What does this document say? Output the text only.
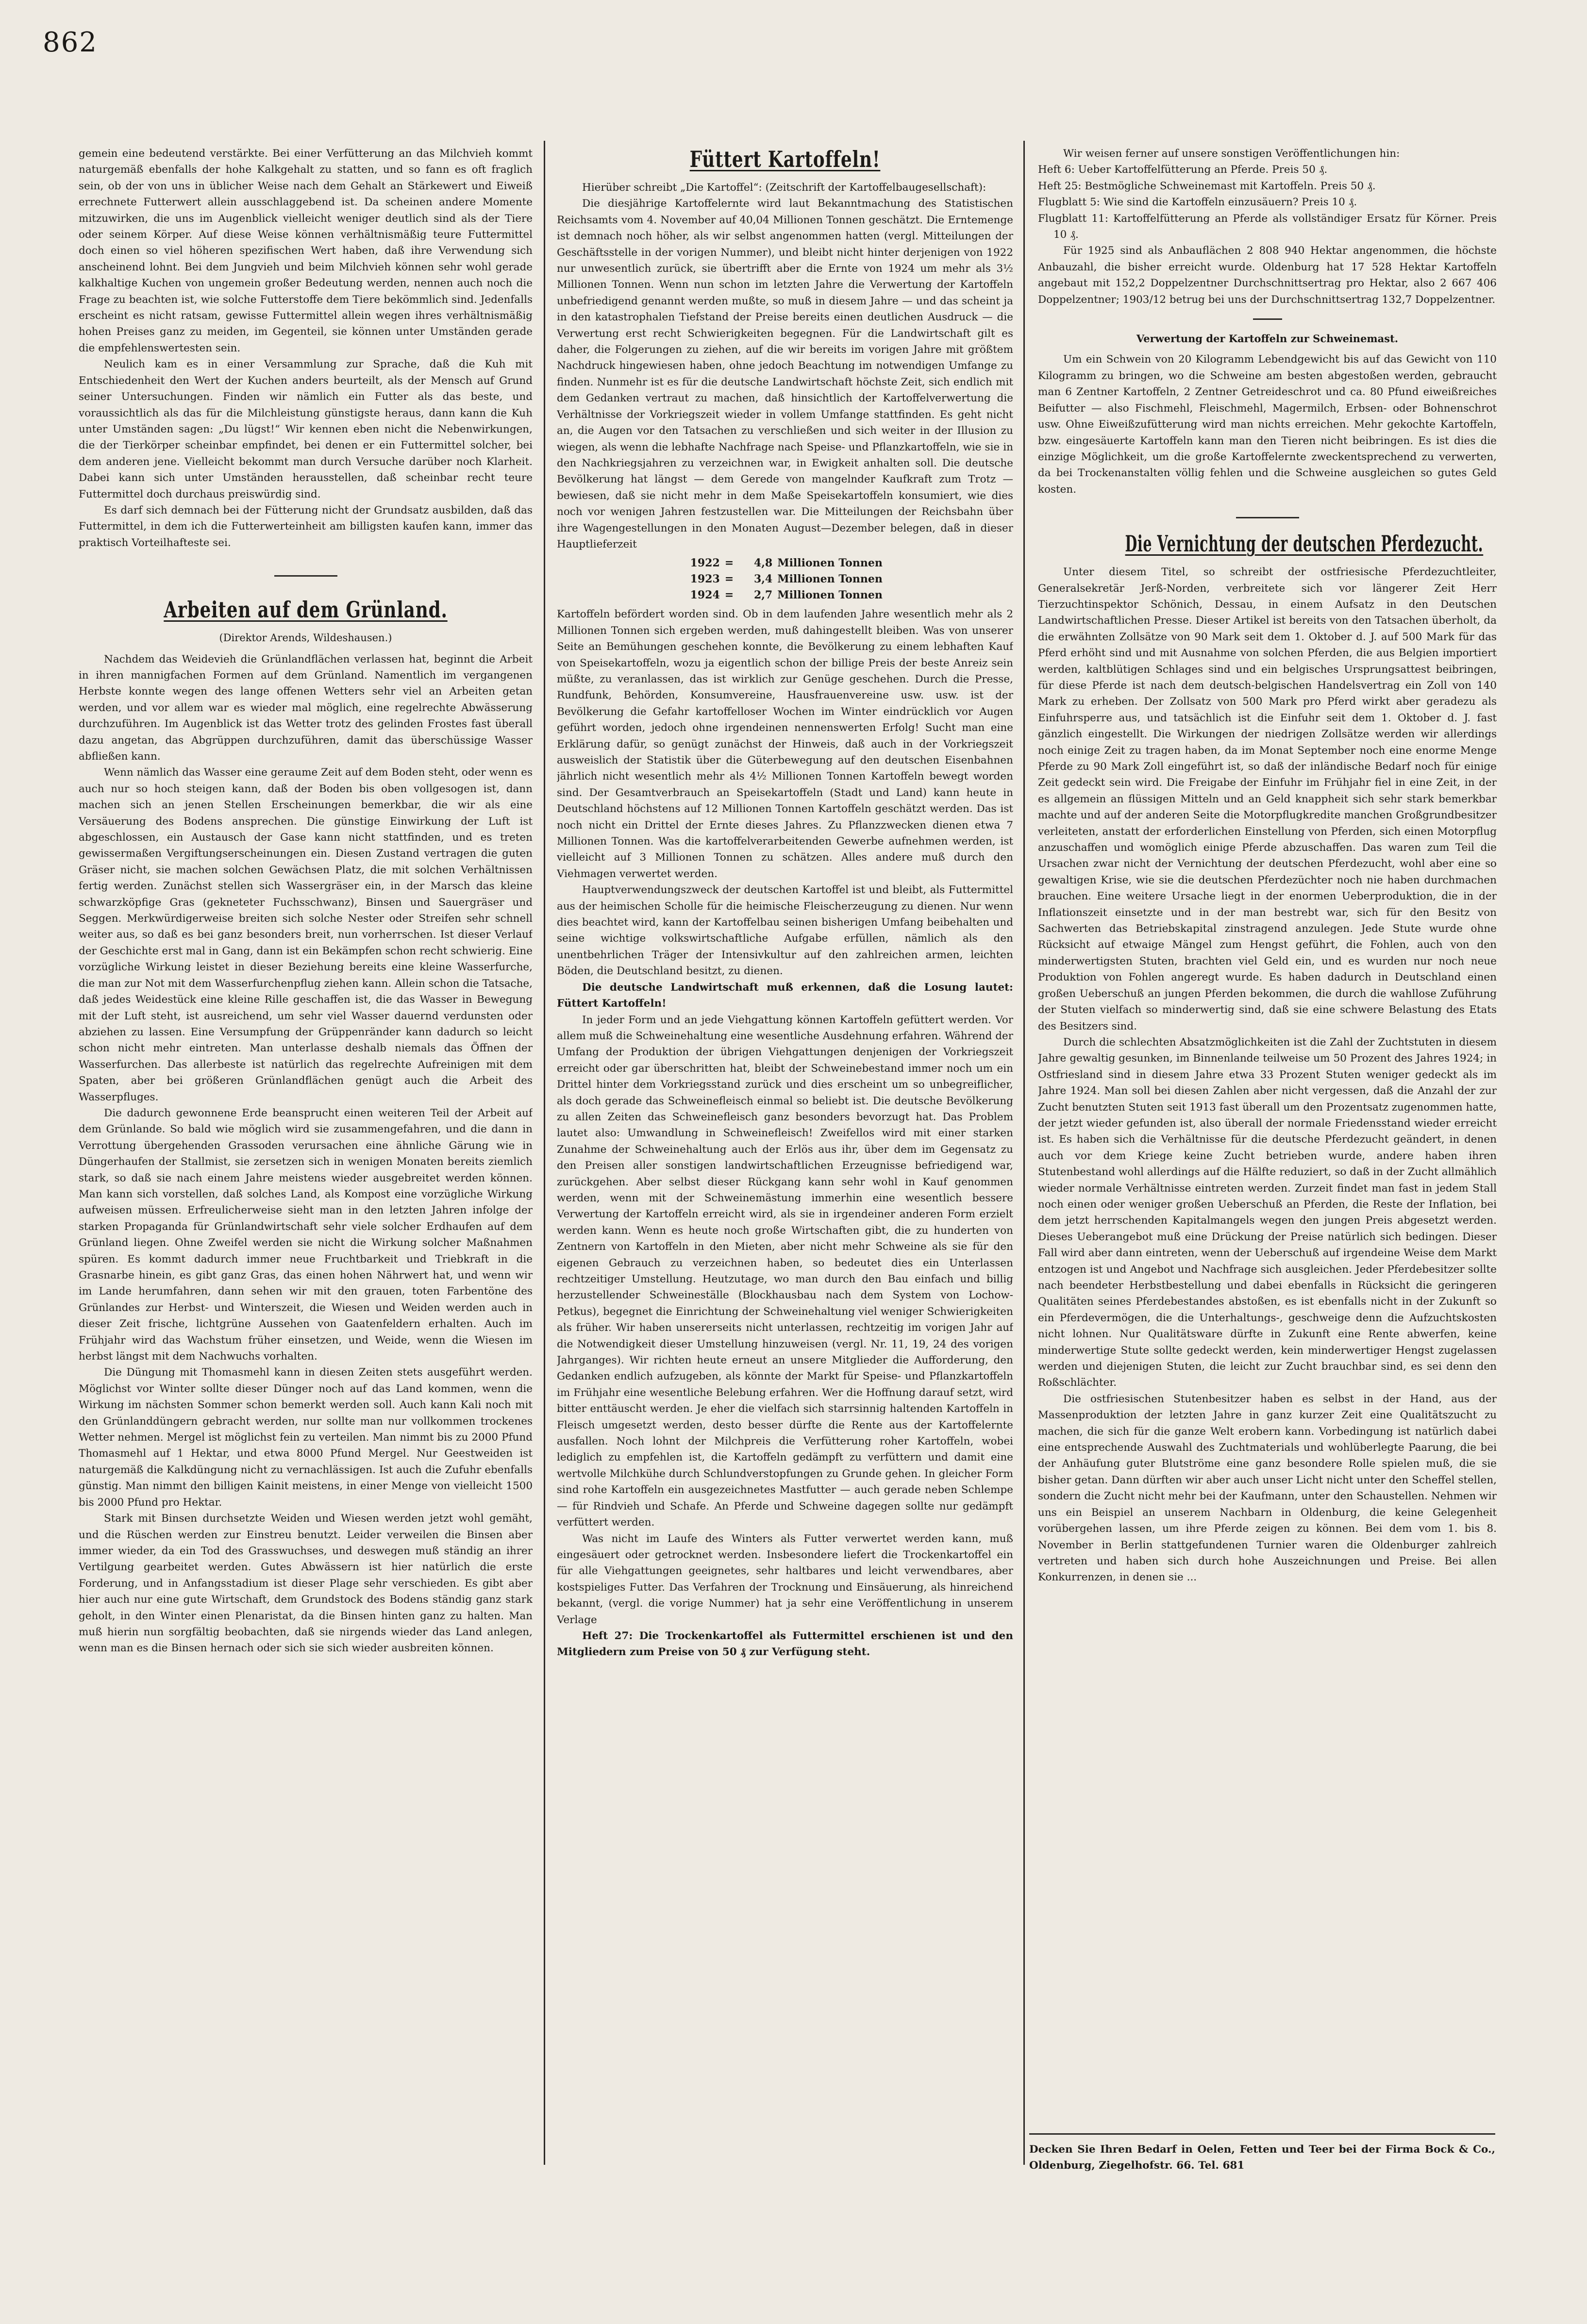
862

gemein eine bedeutend verstärkte. Bei einer Verfütterung an das Milchvieh kommt naturgemäß ebenfalls der hohe Kalkgehalt zu statten, und so fann es oft fraglich sein, ob der von uns in üblicher Weise nach dem Gehalt an Stärkewert und Eiweiß errechnete Futterwert allein ausschlaggebend ist. Da scheinen andere Momente mitzuwirken, die uns im Augenblick vielleicht weniger deutlich sind als der Tiere oder seinem Körper. Auf diese Weise können verhältnismäßig teure Futtermittel doch einen so viel höheren spezifischen Wert haben, daß ihre Verwendung sich anscheinend lohnt. Bei dem Jungvieh und beim Milchvieh können sehr wohl gerade kalkhaltige Kuchen von ungemein großer Bedeutung werden, nennen auch noch die Frage zu beachten ist, wie solche Futterstoffe dem Tiere bekömmlich sind. Jedenfalls erscheint es nicht ratsam, gewisse Futtermittel allein wegen ihres verhältnismäßig hohen Preises ganz zu meiden, im Gegenteil, sie können unter Umständen gerade die empfehlenswertesten sein.

Neulich kam es in einer Versammlung zur Sprache, daß die Kuh mit Entschiedenheit den Wert der Kuchen anders beurteilt, als der Mensch auf Grund seiner Untersuchungen. Finden wir nämlich ein Futter als das beste, und voraussichtlich als das für die Milchleistung günstigste heraus, dann kann die Kuh unter Umständen sagen: „Du lügst!“ Wir kennen eben nicht die Nebenwirkungen, die der Tierkörper scheinbar empfindet, bei denen er ein Futtermittel solcher, bei dem anderen jene. Vielleicht bekommt man durch Versuche darüber noch Klarheit. Dabei kann sich unter Umständen herausstellen, daß scheinbar recht teure Futtermittel doch durchaus preiswürdig sind.

Es darf sich demnach bei der Fütterung nicht der Grundsatz ausbilden, daß das Futtermittel, in dem ich die Futterwerteinheit am billigsten kaufen kann, immer das praktisch Vorteilhafteste sei.

Arbeiten auf dem Grünland.
(Direktor Arends, Wildeshausen.)

Nachdem das Weidevieh die Grünlandflächen verlassen hat, beginnt die Arbeit in ihren mannigfachen Formen auf dem Grünland. Namentlich im vergangenen Herbste konnte wegen des lange offenen Wetters sehr viel an Arbeiten getan werden, und vor allem war es wieder mal möglich, eine regelrechte Abwässerung durchzuführen. Im Augenblick ist das Wetter trotz des gelinden Frostes fast überall dazu angetan, das Abgrüppen durchzuführen, damit das überschüssige Wasser abfließen kann.

Wenn nämlich das Wasser eine geraume Zeit auf dem Boden steht, oder wenn es auch nur so hoch steigen kann, daß der Boden bis oben vollgesogen ist, dann machen sich an jenen Stellen Erscheinungen bemerkbar, die wir als eine Versäuerung des Bodens ansprechen. Die günstige Einwirkung der Luft ist abgeschlossen, ein Austausch der Gase kann nicht stattfinden, und es treten gewissermaßen Vergiftungserscheinungen ein. Diesen Zustand vertragen die guten Gräser nicht, sie machen solchen Gewächsen Platz, die mit solchen Verhältnissen fertig werden. Zunächst stellen sich Wassergräser ein, in der Marsch das kleine schwarzköpfige Gras (gekneteter Fuchsschwanz), Binsen und Sauergräser und Seggen. Merkwürdigerweise breiten sich solche Nester oder Streifen sehr schnell weiter aus, so daß es bei ganz besonders breit, nun vorherrschen. Ist dieser Verlauf der Geschichte erst mal in Gang, dann ist ein Bekämpfen schon recht schwierig. Eine vorzügliche Wirkung leistet in dieser Beziehung bereits eine kleine Wasserfurche, die man zur Not mit dem Wasserfurchenpflug ziehen kann. Allein schon die Tatsache, daß jedes Weidestück eine kleine Rille geschaffen ist, die das Wasser in Bewegung mit der Luft steht, ist ausreichend, um sehr viel Wasser dauernd verdunsten oder abziehen zu lassen. Eine Versumpfung der Grüppenränder kann dadurch so leicht schon nicht mehr eintreten. Man unterlasse deshalb niemals das Öffnen der Wasserfurchen. Das allerbeste ist natürlich das regelrechte Aufreinigen mit dem Spaten, aber bei größeren Grünlandflächen genügt auch die Arbeit des Wasserpfluges.

Die dadurch gewonnene Erde beansprucht einen weiteren Teil der Arbeit auf dem Grünlande. So bald wie möglich wird sie zusammengefahren, und die dann in Verrottung übergehenden Grassoden verursachen eine ähnliche Gärung wie in Düngerhaufen der Stallmist, sie zersetzen sich in wenigen Monaten bereits ziemlich stark, so daß sie nach einem Jahre meistens wieder ausgebreitet werden können. Man kann sich vorstellen, daß solches Land, als Kompost eine vorzügliche Wirkung aufweisen müssen. Erfreulicherweise sieht man in den letzten Jahren infolge der starken Propaganda für Grünlandwirtschaft sehr viele solcher Erdhaufen auf dem Grünland liegen. Ohne Zweifel werden sie nicht die Wirkung solcher Maßnahmen spüren. Es kommt dadurch immer neue Fruchtbarkeit und Triebkraft in die Grasnarbe hinein, es gibt ganz Gras, das einen hohen Nährwert hat, und wenn wir im Lande herumfahren, dann sehen wir mit den grauen, toten Farbentöne des Grünlandes zur Herbst- und Winterszeit, die Wiesen und Weiden werden auch in dieser Zeit frische, lichtgrüne Aussehen von Gaatenfeldern erhalten. Auch im Frühjahr wird das Wachstum früher einsetzen, und Weide, wenn die Wiesen im herbst längst mit dem Nachwuchs vorhalten.

Die Düngung mit Thomasmehl kann in diesen Zeiten stets ausgeführt werden. Möglichst vor Winter sollte dieser Dünger noch auf das Land kommen, wenn die Wirkung im nächsten Sommer schon bemerkt werden soll. Auch kann Kali noch mit den Grünlanddüngern gebracht werden, nur sollte man nur vollkommen trockenes Wetter nehmen. Mergel ist möglichst fein zu verteilen. Man nimmt bis zu 2000 Pfund Thomasmehl auf 1 Hektar, und etwa 8000 Pfund Mergel. Nur Geestweiden ist naturgemäß die Kalkdüngung nicht zu vernachlässigen. Ist auch die Zufuhr ebenfalls günstig. Man nimmt den billigen Kainit meistens, in einer Menge von vielleicht 1500 bis 2000 Pfund pro Hektar.

Stark mit Binsen durchsetzte Weiden und Wiesen werden jetzt wohl gemäht, und die Rüschen werden zur Einstreu benutzt. Leider verweilen die Binsen aber immer wieder, da ein Tod des Grasswuchses, und deswegen muß ständig an ihrer Vertilgung gearbeitet werden. Gutes Abwässern ist hier natürlich die erste Forderung, und in Anfangsstadium ist dieser Plage sehr verschieden. Es gibt aber hier auch nur eine gute Wirtschaft, dem Grundstock des Bodens ständig ganz stark geholt, in den Winter einen Plenaristat, da die Binsen hinten ganz zu halten. Man muß hierin nun sorgfältig beobachten, daß sie nirgends wieder das Land anlegen, wenn man es die Binsen hernach oder sich sie sich wieder ausbreiten können.

Füttert Kartoffeln!

Hierüber schreibt „Die Kartoffel“: (Zeitschrift der Kartoffelbaugesellschaft):

Die diesjährige Kartoffelernte wird laut Bekanntmachung des Statistischen Reichsamts vom 4. November auf 40,04 Millionen Tonnen geschätzt. Die Erntemenge ist demnach noch höher, als wir selbst angenommen hatten (vergl. Mitteilungen der Geschäftsstelle in der vorigen Nummer), und bleibt nicht hinter derjenigen von 1922 nur unwesentlich zurück, sie übertrifft aber die Ernte von 1924 um mehr als 3½ Millionen Tonnen. Wenn nun schon im letzten Jahre die Verwertung der Kartoffeln unbefriedigend genannt werden mußte, so muß in diesem Jahre — und das scheint ja in den katastrophalen Tiefstand der Preise bereits einen deutlichen Ausdruck — die Verwertung erst recht Schwierigkeiten begegnen. Für die Landwirtschaft gilt es daher, die Folgerungen zu ziehen, auf die wir bereits im vorigen Jahre mit größtem Nachdruck hingewiesen haben, ohne jedoch Beachtung im notwendigen Umfange zu finden. Nunmehr ist es für die deutsche Landwirtschaft höchste Zeit, sich endlich mit dem Gedanken vertraut zu machen, daß hinsichtlich der Kartoffelverwertung die Verhältnisse der Vorkriegszeit wieder in vollem Umfange stattfinden. Es geht nicht an, die Augen vor den Tatsachen zu verschließen und sich weiter in der Illusion zu wiegen, als wenn die lebhafte Nachfrage nach Speise- und Pflanzkartoffeln, wie sie in den Nachkriegsjahren zu verzeichnen war, in Ewigkeit anhalten soll. Die deutsche Bevölkerung hat längst — dem Gerede von mangelnder Kaufkraft zum Trotz — bewiesen, daß sie nicht mehr in dem Maße Speisekartoffeln konsumiert, wie dies noch vor wenigen Jahren festzustellen war. Die Mitteilungen der Reichsbahn über ihre Wagengestellungen in den Monaten August—Dezember belegen, daß in dieser Hauptlieferzeit

1922 =	4,8 Millionen Tonnen
1923 =	3,4 Millionen Tonnen
1924 =	2,7 Millionen Tonnen

Kartoffeln befördert worden sind. Ob in dem laufenden Jahre wesentlich mehr als 2 Millionen Tonnen sich ergeben werden, muß dahingestellt bleiben. Was von unserer Seite an Bemühungen geschehen konnte, die Bevölkerung zu einem lebhaften Kauf von Speisekartoffeln, wozu ja eigentlich schon der billige Preis der beste Anreiz sein müßte, zu veranlassen, das ist wirklich zur Genüge geschehen. Durch die Presse, Rundfunk, Behörden, Konsumvereine, Hausfrauenvereine usw. usw. ist der Bevölkerung die Gefahr kartoffelloser Wochen im Winter eindrücklich vor Augen geführt worden, jedoch ohne irgendeinen nennenswerten Erfolg! Sucht man eine Erklärung dafür, so genügt zunächst der Hinweis, daß auch in der Vorkriegszeit ausweislich der Statistik über die Güterbewegung auf den deutschen Eisenbahnen jährlich nicht wesentlich mehr als 4½ Millionen Tonnen Kartoffeln bewegt worden sind. Der Gesamtverbrauch an Speisekartoffeln (Stadt und Land) kann heute in Deutschland höchstens auf 12 Millionen Tonnen Kartoffeln geschätzt werden. Das ist noch nicht ein Drittel der Ernte dieses Jahres. Zu Pflanzzwecken dienen etwa 7 Millionen Tonnen. Was die kartoffelverarbeitenden Gewerbe aufnehmen werden, ist vielleicht auf 3 Millionen Tonnen zu schätzen. Alles andere muß durch den Viehmagen verwertet werden.

Hauptverwendungszweck der deutschen Kartoffel ist und bleibt, als Futtermittel aus der heimischen Scholle für die heimische Fleischerzeugung zu dienen. Nur wenn dies beachtet wird, kann der Kartoffelbau seinen bisherigen Umfang beibehalten und seine wichtige volkswirtschaftliche Aufgabe erfüllen, nämlich als den unentbehrlichen Träger der Intensivkultur auf den zahlreichen armen, leichten Böden, die Deutschland besitzt, zu dienen.

Die deutsche Landwirtschaft muß erkennen, daß die Losung lautet: Füttert Kartoffeln!

In jeder Form und an jede Viehgattung können Kartoffeln gefüttert werden. Vor allem muß die Schweinehaltung eine wesentliche Ausdehnung erfahren. Während der Umfang der Produktion der übrigen Viehgattungen denjenigen der Vorkriegszeit erreicht oder gar überschritten hat, bleibt der Schweinebestand immer noch um ein Drittel hinter dem Vorkriegsstand zurück und dies erscheint um so unbegreiflicher, als doch gerade das Schweinefleisch einmal so beliebt ist. Die deutsche Bevölkerung zu allen Zeiten das Schweinefleisch ganz besonders bevorzugt hat. Das Problem lautet also: Umwandlung in Schweinefleisch! Zweifellos wird mit einer starken Zunahme der Schweinehaltung auch der Erlös aus ihr, über dem im Gegensatz zu den Preisen aller sonstigen landwirtschaftlichen Erzeugnisse befriedigend war, zurückgehen. Aber selbst dieser Rückgang kann sehr wohl in Kauf genommen werden, wenn mit der Schweinemästung immerhin eine wesentlich bessere Verwertung der Kartoffeln erreicht wird, als sie in irgendeiner anderen Form erzielt werden kann. Wenn es heute noch große Wirtschaften gibt, die zu hunderten von Zentnern von Kartoffeln in den Mieten, aber nicht mehr Schweine als sie für den eigenen Gebrauch zu verzeichnen haben, so bedeutet dies ein Unterlassen rechtzeitiger Umstellung. Heutzutage, wo man durch den Bau einfach und billig herzustellender Schweineställe (Blockhausbau nach dem System von Lochow-Petkus), begegnet die Einrichtung der Schweinehaltung viel weniger Schwierigkeiten als früher. Wir haben unsererseits nicht unterlassen, rechtzeitig im vorigen Jahr auf die Notwendigkeit dieser Umstellung hinzuweisen (vergl. Nr. 11, 19, 24 des vorigen Jahrganges). Wir richten heute erneut an unsere Mitglieder die Aufforderung, den Gedanken endlich aufzugeben, als könnte der Markt für Speise- und Pflanzkartoffeln im Frühjahr eine wesentliche Belebung erfahren. Wer die Hoffnung darauf setzt, wird bitter enttäuscht werden. Je eher die vielfach sich starrsinnig haltenden Kartoffeln in Fleisch umgesetzt werden, desto besser dürfte die Rente aus der Kartoffelernte ausfallen. Noch lohnt der Milchpreis die Verfütterung roher Kartoffeln, wobei lediglich zu empfehlen ist, die Kartoffeln gedämpft zu verfüttern und damit eine wertvolle Milchkühe durch Schlundverstopfungen zu Grunde gehen. In gleicher Form sind rohe Kartoffeln ein ausgezeichnetes Mastfutter — auch gerade neben Schlempe — für Rindvieh und Schafe. An Pferde und Schweine dagegen sollte nur gedämpft verfüttert werden.

Was nicht im Laufe des Winters als Futter verwertet werden kann, muß eingesäuert oder getrocknet werden. Insbesondere liefert die Trockenkartoffel ein für alle Viehgattungen geeignetes, sehr haltbares und leicht verwendbares, aber kostspieliges Futter. Das Verfahren der Trocknung und Einsäuerung, als hinreichend bekannt, (vergl. die vorige Nummer) hat ja sehr eine Veröffentlichung in unserem Verlage

Heft 27: Die Trockenkartoffel als Futtermittel erschienen ist und den Mitgliedern zum Preise von 50 ₰ zur Verfügung steht.

Wir weisen ferner auf unsere sonstigen Veröffentlichungen hin:

Heft 6: Ueber Kartoffelfütterung an Pferde. Preis 50 ₰.
Heft 25: Bestmögliche Schweinemast mit Kartoffeln. Preis 50 ₰.
Flugblatt 5: Wie sind die Kartoffeln einzusäuern? Preis 10 ₰.
Flugblatt 11: Kartoffelfütterung an Pferde als vollständiger Ersatz für Körner. Preis 10 ₰.

Für 1925 sind als Anbauflächen 2 808 940 Hektar angenommen, die höchste Anbauzahl, die bisher erreicht wurde. Oldenburg hat 17 528 Hektar Kartoffeln angebaut mit 152,2 Doppelzentner Durchschnittsertrag pro Hektar, also 2 667 406 Doppelzentner; 1903/12 betrug bei uns der Durchschnittsertrag 132,7 Doppelzentner.

Verwertung der Kartoffeln zur Schweinemast.

Um ein Schwein von 20 Kilogramm Lebendgewicht bis auf das Gewicht von 110 Kilogramm zu bringen, wo die Schweine am besten abgestoßen werden, gebraucht man 6 Zentner Kartoffeln, 2 Zentner Getreideschrot und ca. 80 Pfund eiweißreiches Beifutter — also Fischmehl, Fleischmehl, Magermilch, Erbsen- oder Bohnenschrot usw. Ohne Eiweißzufütterung wird man nichts erreichen. Mehr gekochte Kartoffeln, bzw. eingesäuerte Kartoffeln kann man den Tieren nicht beibringen. Es ist dies die einzige Möglichkeit, um die große Kartoffelernte zweckentsprechend zu verwerten, da bei Trockenanstalten völlig fehlen und die Schweine ausgleichen so gutes Geld kosten.

Die Vernichtung der deutschen Pferdezucht.

Unter diesem Titel, so schreibt der ostfriesische Pferdezuchtleiter, Generalsekretär Jerß-Norden, verbreitete sich vor längerer Zeit Herr Tierzuchtinspektor Schönich, Dessau, in einem Aufsatz in den Deutschen Landwirtschaftlichen Presse. Dieser Artikel ist bereits von den Tatsachen überholt, da die erwähnten Zollsätze von 90 Mark seit dem 1. Oktober d. J. auf 500 Mark für das Pferd erhöht sind und mit Ausnahme von solchen Pferden, die aus Belgien importiert werden, kaltblütigen Schlages sind und ein belgisches Ursprungsattest beibringen, für diese Pferde ist nach dem deutsch-belgischen Handelsvertrag ein Zoll von 140 Mark zu erheben. Der Zollsatz von 500 Mark pro Pferd wirkt aber geradezu als Einfuhrsperre aus, und tatsächlich ist die Einfuhr seit dem 1. Oktober d. J. fast gänzlich eingestellt. Die Wirkungen der niedrigen Zollsätze werden wir allerdings noch einige Zeit zu tragen haben, da im Monat September noch eine enorme Menge Pferde zu 90 Mark Zoll eingeführt ist, so daß der inländische Bedarf noch für einige Zeit gedeckt sein wird. Die Freigabe der Einfuhr im Frühjahr fiel in eine Zeit, in der es allgemein an flüssigen Mitteln und an Geld knappheit sich sehr stark bemerkbar machte und auf der anderen Seite die Motorpflugkredite manchen Großgrundbesitzer verleiteten, anstatt der erforderlichen Einstellung von Pferden, sich einen Motorpflug anzuschaffen und womöglich einige Pferde abzuschaffen. Das waren zum Teil die Ursachen zwar nicht der Vernichtung der deutschen Pferdezucht, wohl aber eine so gewaltigen Krise, wie sie die deutschen Pferdezüchter noch nie haben durchmachen brauchen. Eine weitere Ursache liegt in der enormen Ueberproduktion, die in der Inflationszeit einsetzte und in der man bestrebt war, sich für den Besitz von Sachwerten das Betriebskapital zinstragend anzulegen. Jede Stute wurde ohne Rücksicht auf etwaige Mängel zum Hengst geführt, die Fohlen, auch von den minderwertigsten Stuten, brachten viel Geld ein, und es wurden nur noch neue Produktion von Fohlen angeregt wurde. Es haben dadurch in Deutschland einen großen Ueberschuß an jungen Pferden bekommen, die durch die wahllose Zuführung der Stuten vielfach so minderwertig sind, daß sie eine schwere Belastung des Etats des Besitzers sind.

Durch die schlechten Absatzmöglichkeiten ist die Zahl der Zuchtstuten in diesem Jahre gewaltig gesunken, im Binnenlande teilweise um 50 Prozent des Jahres 1924; in Ostfriesland sind in diesem Jahre etwa 33 Prozent Stuten weniger gedeckt als im Jahre 1924. Man soll bei diesen Zahlen aber nicht vergessen, daß die Anzahl der zur Zucht benutzten Stuten seit 1913 fast überall um den Prozentsatz zugenommen hatte, der jetzt wieder gefunden ist, also überall der normale Friedensstand wieder erreicht ist. Es haben sich die Verhältnisse für die deutsche Pferdezucht geändert, in denen auch vor dem Kriege keine Zucht betrieben wurde, andere haben ihren Stutenbestand wohl allerdings auf die Hälfte reduziert, so daß in der Zucht allmählich wieder normale Verhältnisse eintreten werden. Zurzeit findet man fast in jedem Stall noch einen oder weniger großen Ueberschuß an Pferden, die Reste der Inflation, bei dem jetzt herrschenden Kapitalmangels wegen den jungen Preis abgesetzt werden. Dieses Ueberangebot muß eine Drückung der Preise natürlich sich bedingen. Dieser Fall wird aber dann eintreten, wenn der Ueberschuß auf irgendeine Weise dem Markt entzogen ist und Angebot und Nachfrage sich ausgleichen. Jeder Pferdebesitzer sollte nach beendeter Herbstbestellung und dabei ebenfalls in Rücksicht die geringeren Qualitäten seines Pferdebestandes abstoßen, es ist ebenfalls nicht in der Zukunft so ein Pferdevermögen, die die Unterhaltungs-, geschweige denn die Aufzuchtskosten nicht lohnen. Nur Qualitätsware dürfte in Zukunft eine Rente abwerfen, keine minderwertige Stute sollte gedeckt werden, kein minderwertiger Hengst zugelassen werden und diejenigen Stuten, die leicht zur Zucht brauchbar sind, es sei denn den Roßschlächter.

Die ostfriesischen Stutenbesitzer haben es selbst in der Hand, aus der Massenproduktion der letzten Jahre in ganz kurzer Zeit eine Qualitätszucht zu machen, die sich für die ganze Welt erobern kann. Vorbedingung ist natürlich dabei eine entsprechende Auswahl des Zuchtmaterials und wohlüberlegte Paarung, die bei der Anhäufung guter Blutströme eine ganz besondere Rolle spielen muß, die sie bisher getan. Dann dürften wir aber auch unser Licht nicht unter den Scheffel stellen, sondern die Zucht nicht mehr bei der Kaufmann, unter den Schaustellen. Nehmen wir uns ein Beispiel an unserem Nachbarn in Oldenburg, die keine Gelegenheit vorübergehen lassen, um ihre Pferde zeigen zu können. Bei dem vom 1. bis 8. November in Berlin stattgefundenen Turnier waren die Oldenburger zahlreich vertreten und haben sich durch hohe Auszeichnungen und Preise. Bei allen Konkurrenzen, in denen sie ...

Decken Sie Ihren Bedarf in Oelen, Fetten und Teer bei der Firma Bock & Co., Oldenburg, Ziegelhofstr. 66. Tel. 681
